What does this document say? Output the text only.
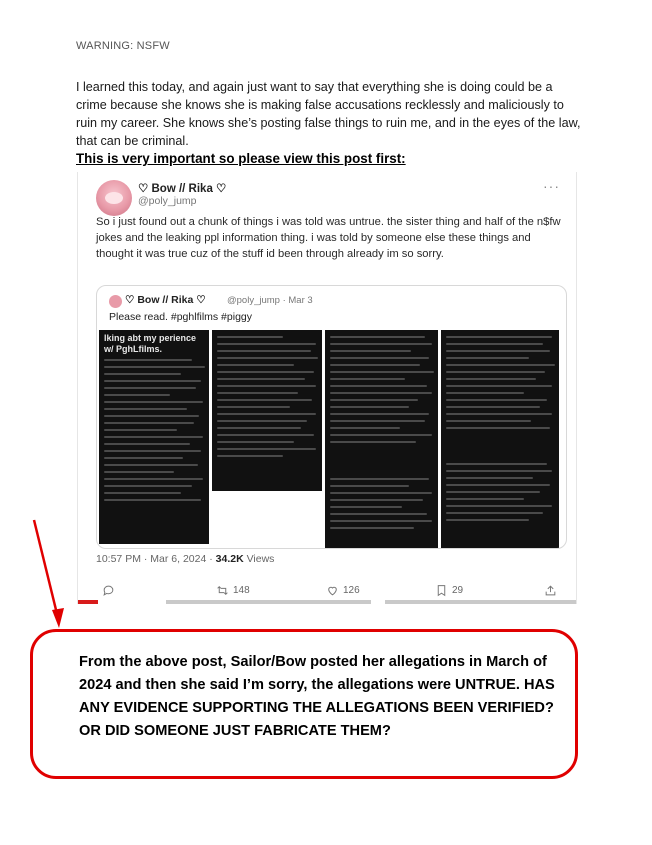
WARNING: NSFW
I learned this today, and again just want to say that everything she is doing could be a crime because she knows she is making false accusations recklessly and maliciously to ruin my career. She knows she’s posting false things to ruin me, and in the eyes of the law, that can be criminal.
This is very important so please view this post first:
♡ Bow // Rika ♡
@poly_jump
···
So i just found out a chunk of things i was told was untrue. the sister thing and half of the n$fw jokes and the leaking ppl information thing. i was told by someone else these things and thought it was true cuz of the stuff id been through already im so sorry.
♡ Bow // Rika ♡ @poly_jump · Mar 3
Please read. #pghlfilms #piggy
lking abt my perience w/ PghLfilms.
10:57 PM · Mar 6, 2024 · 34.2K Views
148	126	29
From the above post, Sailor/Bow posted her allegations in March of 2024 and then she said I’m sorry, the allegations were UNTRUE. HAS ANY EVIDENCE SUPPORTING THE ALLEGATIONS BEEN VERIFIED? OR DID SOMEONE JUST FABRICATE THEM?
